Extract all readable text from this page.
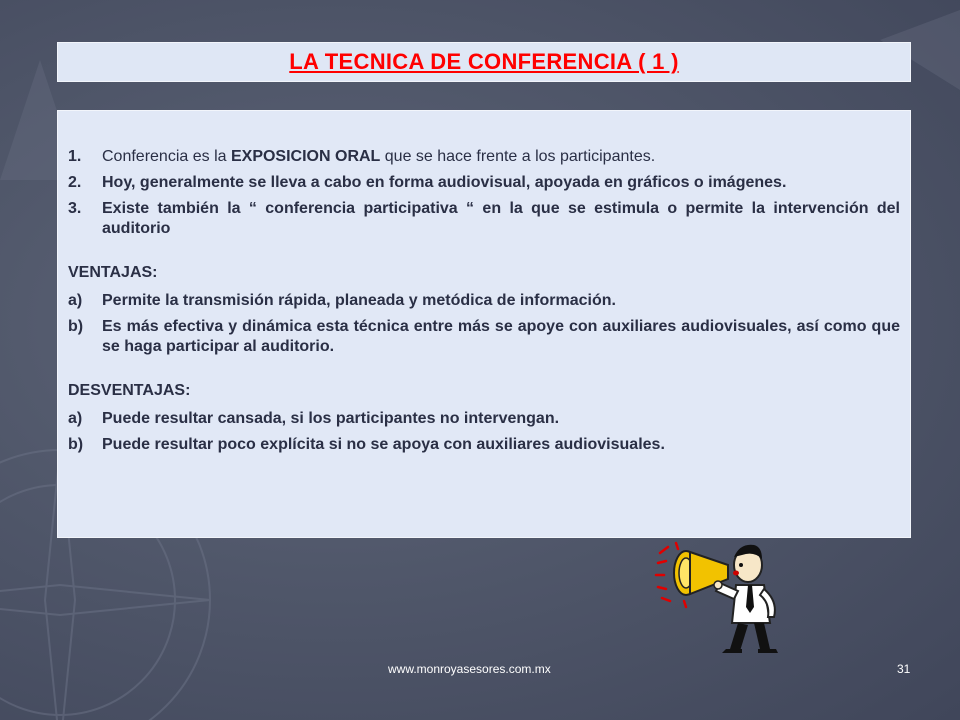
LA TECNICA DE CONFERENCIA ( 1 )
1.	Conferencia es la EXPOSICION ORAL que se hace frente a los participantes.
2.	Hoy, generalmente se lleva a cabo en forma audiovisual, apoyada en gráficos o imágenes.
3.	Existe también la “ conferencia participativa “ en la que se estimula o permite la intervención del auditorio
VENTAJAS:
a)	Permite la transmisión rápida, planeada y metódica de información.
b)	Es más efectiva y dinámica esta técnica entre más se apoye con auxiliares audiovisuales, así como que se haga participar al auditorio.
DESVENTAJAS:
a)	Puede resultar cansada, si los participantes no intervengan.
b)	Puede resultar poco explícita si no se apoya con auxiliares audiovisuales.
www.monroyasesores.com.mx	31
